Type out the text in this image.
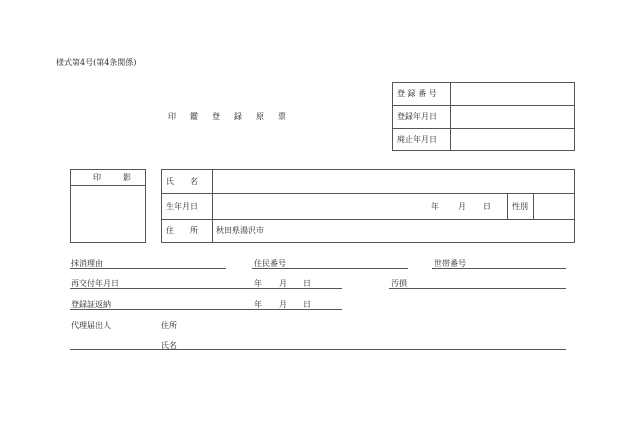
様式第4号(第4条関係)
印　鑑　登　録　原　票
登 録 番 号
登録年月日
廃止年月日
印　　影	氏　　名
生年月日	年 月 日	性別
住　　所 秋田県湯沢市
抹消理由	住民番号	世帯番号
再交付年月日	年 月 日	汚損
登録証返納	年 月 日
代理届出人	住所
氏名
